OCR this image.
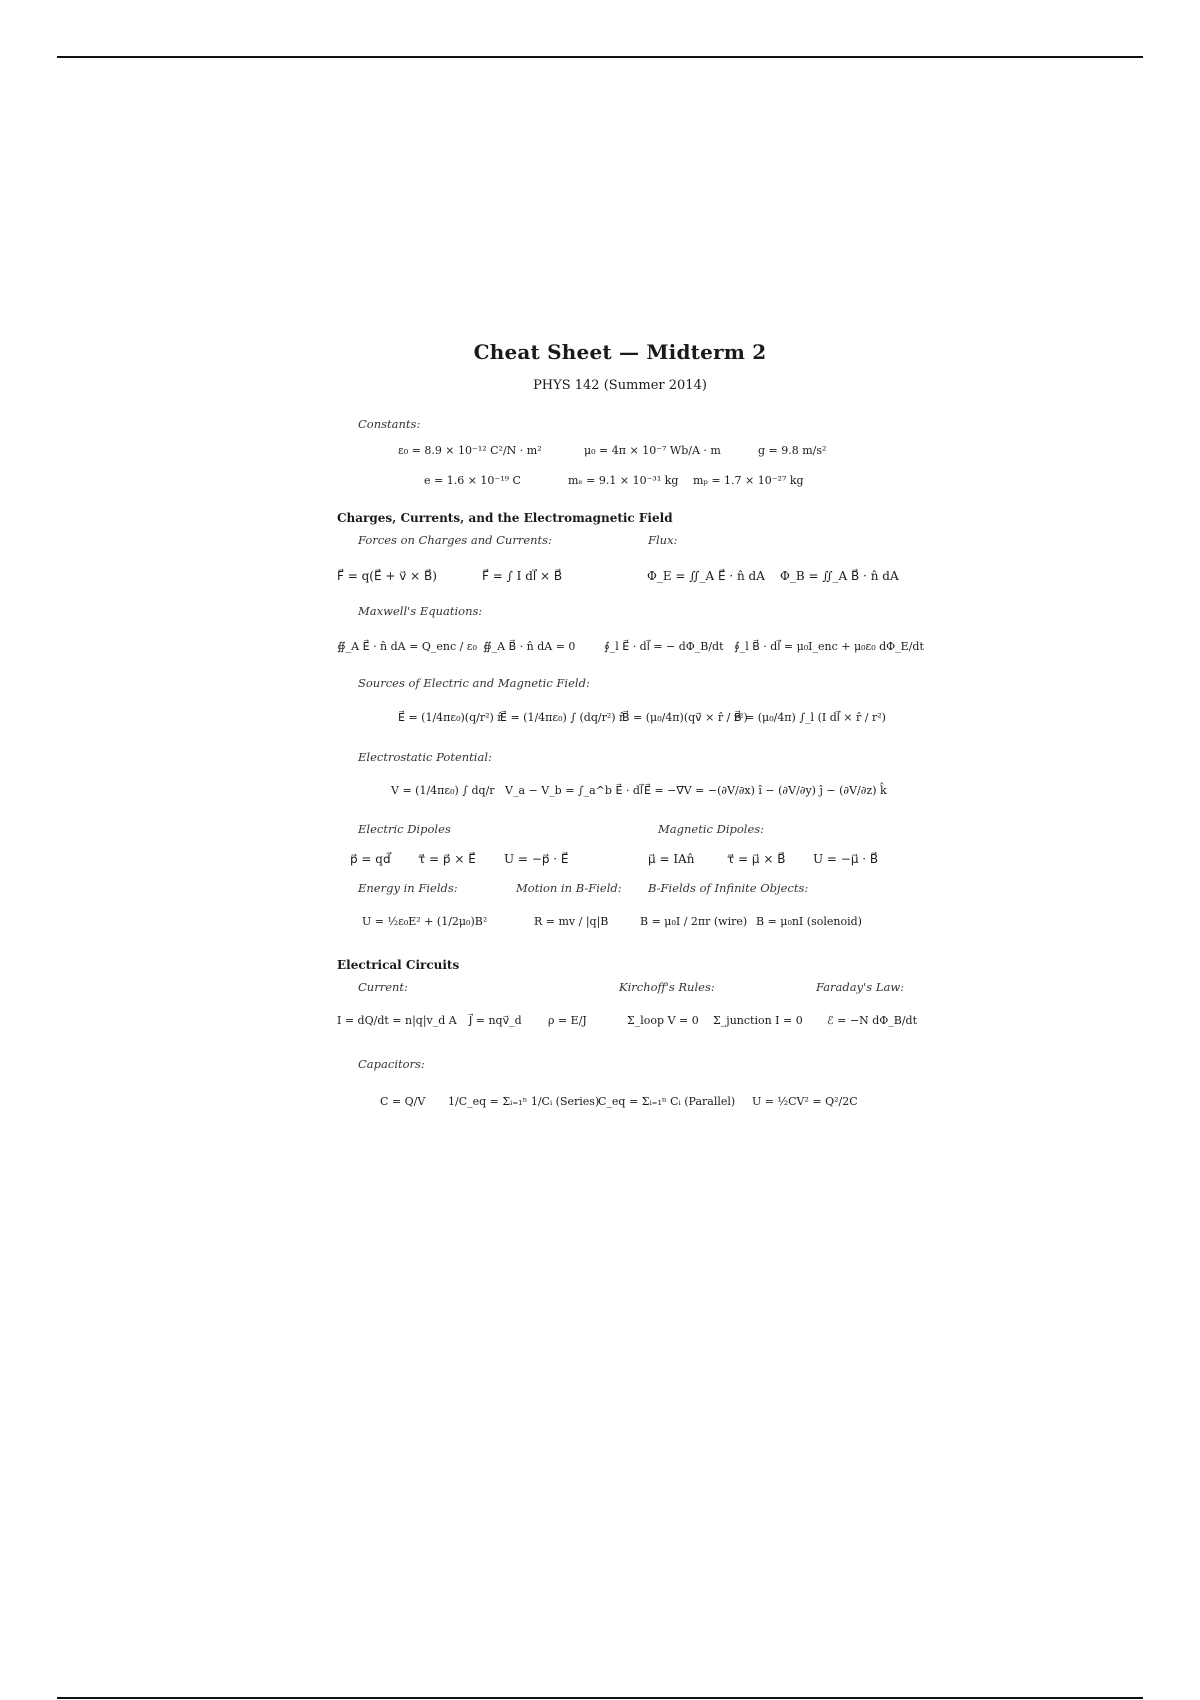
Cheat Sheet — Midterm 2
PHYS 142 (Summer 2014)
Constants:
ε₀ = 8.9 × 10⁻¹² C²/N · m²	μ₀ = 4π × 10⁻⁷ Wb/A · m	g = 9.8 m/s²
e = 1.6 × 10⁻¹⁹ C	mₑ = 9.1 × 10⁻³¹ kg mₚ = 1.7 × 10⁻²⁷ kg
Charges, Currents, and the Electromagnetic Field
Forces on Charges and Currents:	Flux:
F⃗ = q(E⃗ + v⃗ × B⃗)	F⃗ = ∫ I dl⃗ × B⃗	Φ_E = ∬_A E⃗ · n̂ dA Φ_B = ∬_A B⃗ · n̂ dA
Maxwell's Equations:
∯_A E⃗ · n̂ dA = Q_enc / ε₀ ∯_A B⃗ · n̂ dA = 0	∮_l E⃗ · dl⃗ = − dΦ_B/dt ∮_l B⃗ · dl⃗ = μ₀I_enc + μ₀ε₀ dΦ_E/dt
Sources of Electric and Magnetic Field:
E⃗ = (1/4πε₀)(q/r²) r̂
E⃗ = (1/4πε₀) ∫ (dq/r²) r̂
B⃗ = (μ₀/4π)(qv⃗ × r̂ / r²)
B⃗ = (μ₀/4π) ∫_l (I dl⃗ × r̂ / r²)
Electrostatic Potential:
V = (1/4πε₀) ∫ dq/r V_a − V_b = ∫_a^b E⃗ · dl⃗ E⃗ = −∇⃗V = −(∂V/∂x) î − (∂V/∂y) ĵ − (∂V/∂z) k̂
Electric Dipoles	Magnetic Dipoles:
p⃗ = qd⃗ τ⃗ = p⃗ × E⃗ U = −p⃗ · E⃗	μ⃗ = IAn̂	τ⃗ = μ⃗ × B⃗ U = −μ⃗ · B⃗
Energy in Fields:	Motion in B-Field: B-Fields of Infinite Objects:
U = ½ε₀E² + (1/2μ₀)B²	R = mv / |q|B	B = μ₀I / 2πr (wire) B = μ₀nI (solenoid)
Electrical Circuits
Current:	Kirchoff's Rules:	Faraday's Law:
I = dQ/dt = n|q|v_d A J⃗ = nqv⃗_d ρ = E/J	Σ_loop V = 0 Σ_junction I = 0 ℰ = −N dΦ_B/dt
Capacitors:
C = Q/V 1/C_eq = Σᵢ₌₁ⁿ 1/Cᵢ (Series)
C_eq = Σᵢ₌₁ⁿ Cᵢ (Parallel) U = ½CV² = Q²/2C
